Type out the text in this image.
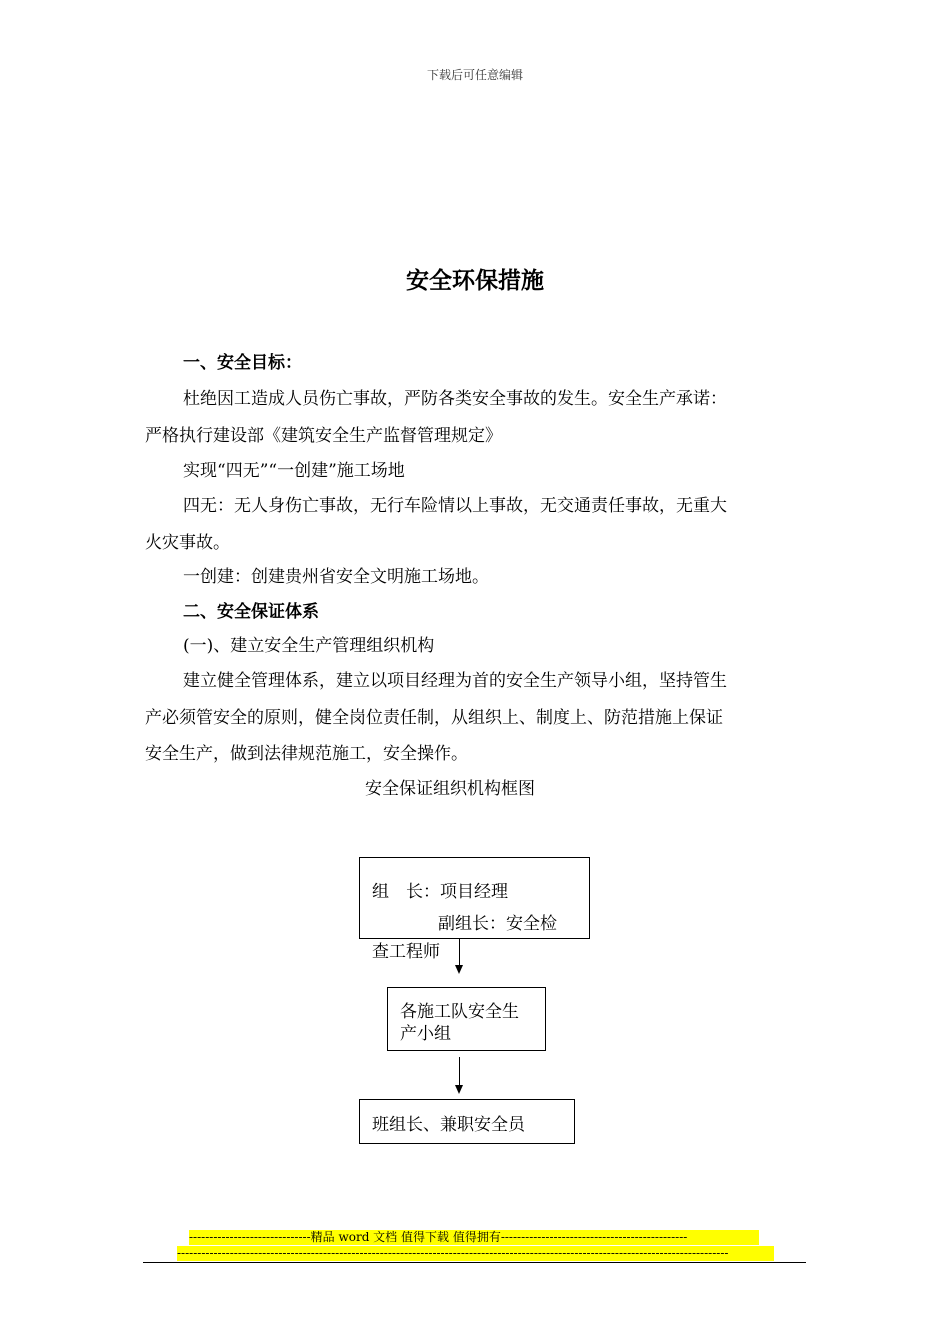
下载后可任意编辑
安全环保措施
一、安全目标：
杜绝因工造成人员伤亡事故，严防各类安全事故的发生。安全生产承诺：
严格执行建设部《建筑安全生产监督管理规定》
实现“四无”“一创建”施工场地
四无：无人身伤亡事故，无行车险情以上事故，无交通责任事故，无重大
火灾事故。
一创建：创建贵州省安全文明施工场地。
二、安全保证体系
(一)、建立安全生产管理组织机构
建立健全管理体系，建立以项目经理为首的安全生产领导小组，坚持管生
产必须管安全的原则，健全岗位责任制，从组织上、制度上、防范措施上保证
安全生产，做到法律规范施工，安全操作。
安全保证组织机构框图
组　长：项目经理
副组长：安全检
查工程师
各施工队安全生
产小组
班组长、兼职安全员
------------------------------精品 word 文档 值得下载 值得拥有----------------------------------------------
----------------------------------------------------------------------------------------------------------------------------------------
